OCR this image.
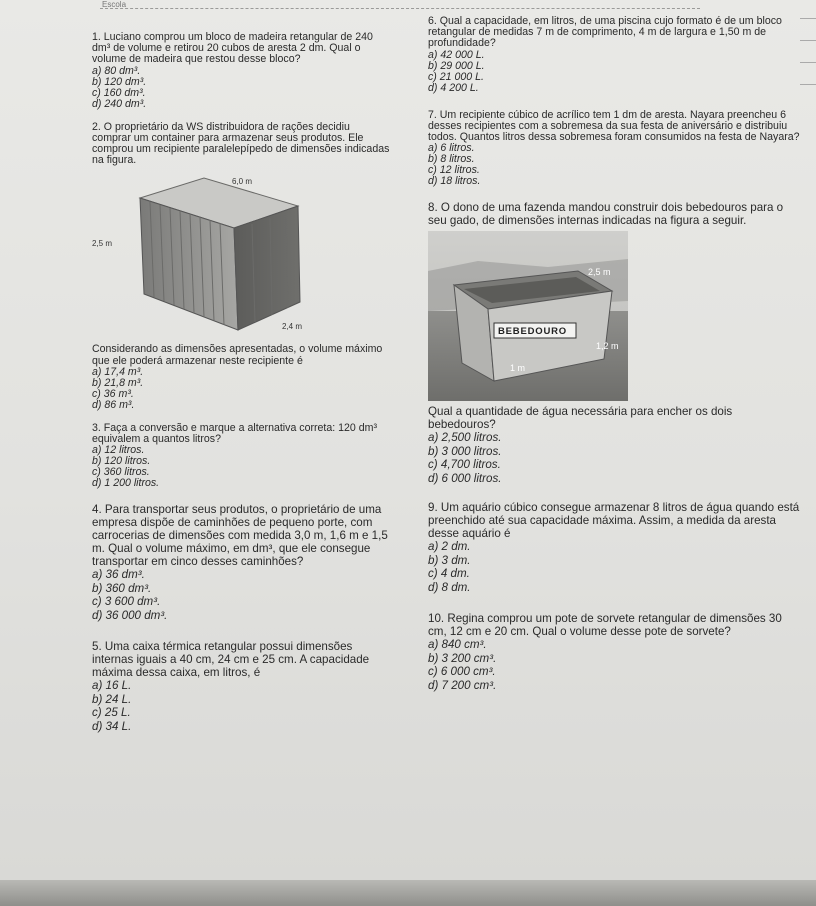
Escola

1. Luciano comprou um bloco de madeira retangular de 240 dm³ de volume e retirou 20 cubos de aresta 2 dm. Qual o volume de madeira que restou desse bloco?

a) 80 dm³.

b) 120 dm³.

c) 160 dm³.

d) 240 dm³.

2. O proprietário da WS distribuidora de rações decidiu comprar um container para armazenar seus produtos. Ele comprou um recipiente paralelepípedo de dimensões indicadas na figura.

6,0 m
2,5 m
2,4 m

Considerando as dimensões apresentadas, o volume máximo que ele poderá armazenar neste recipiente é

a) 17,4 m³.

b) 21,8 m³.

c) 36 m³.

d) 86 m³.

3. Faça a conversão e marque a alternativa correta: 120 dm³ equivalem a quantos litros?

a) 12 litros.

b) 120 litros.

c) 360 litros.

d) 1 200 litros.

4. Para transportar seus produtos, o proprietário de uma empresa dispõe de caminhões de pequeno porte, com carrocerias de dimensões com medida 3,0 m, 1,6 m e 1,5 m. Qual o volume máximo, em dm³, que ele consegue transportar em cinco desses caminhões?

a) 36 dm³.

b) 360 dm³.

c) 3 600 dm³.

d) 36 000 dm³.

5. Uma caixa térmica retangular possui dimensões internas iguais a 40 cm, 24 cm e 25 cm. A capacidade máxima dessa caixa, em litros, é

a) 16 L.

b) 24 L.

c) 25 L.

d) 34 L.

6. Qual a capacidade, em litros, de uma piscina cujo formato é de um bloco retangular de medidas 7 m de comprimento, 4 m de largura e 1,50 m de profundidade?

a) 42 000 L.

b) 29 000 L.

c) 21 000 L.

d) 4 200 L.

7. Um recipiente cúbico de acrílico tem 1 dm de aresta. Nayara preencheu 6 desses recipientes com a sobremesa da sua festa de aniversário e distribuiu todos. Quantos litros dessa sobremesa foram consumidos na festa de Nayara?

a) 6 litros.

b) 8 litros.

c) 12 litros.

d) 18 litros.

8. O dono de uma fazenda mandou construir dois bebedouros para o seu gado, de dimensões internas indicadas na figura a seguir.

BEBEDOURO
2,5 m
1,2 m
1 m

Qual a quantidade de água necessária para encher os dois bebedouros?

a) 2,500 litros.

b) 3 000 litros.

c) 4,700 litros.

d) 6 000 litros.

9. Um aquário cúbico consegue armazenar 8 litros de água quando está preenchido até sua capacidade máxima. Assim, a medida da aresta desse aquário é

a) 2 dm.

b) 3 dm.

c) 4 dm.

d) 8 dm.

10. Regina comprou um pote de sorvete retangular de dimensões 30 cm, 12 cm e 20 cm. Qual o volume desse pote de sorvete?

a) 840 cm³.

b) 3 200 cm³.

c) 6 000 cm³.

d) 7 200 cm³.
